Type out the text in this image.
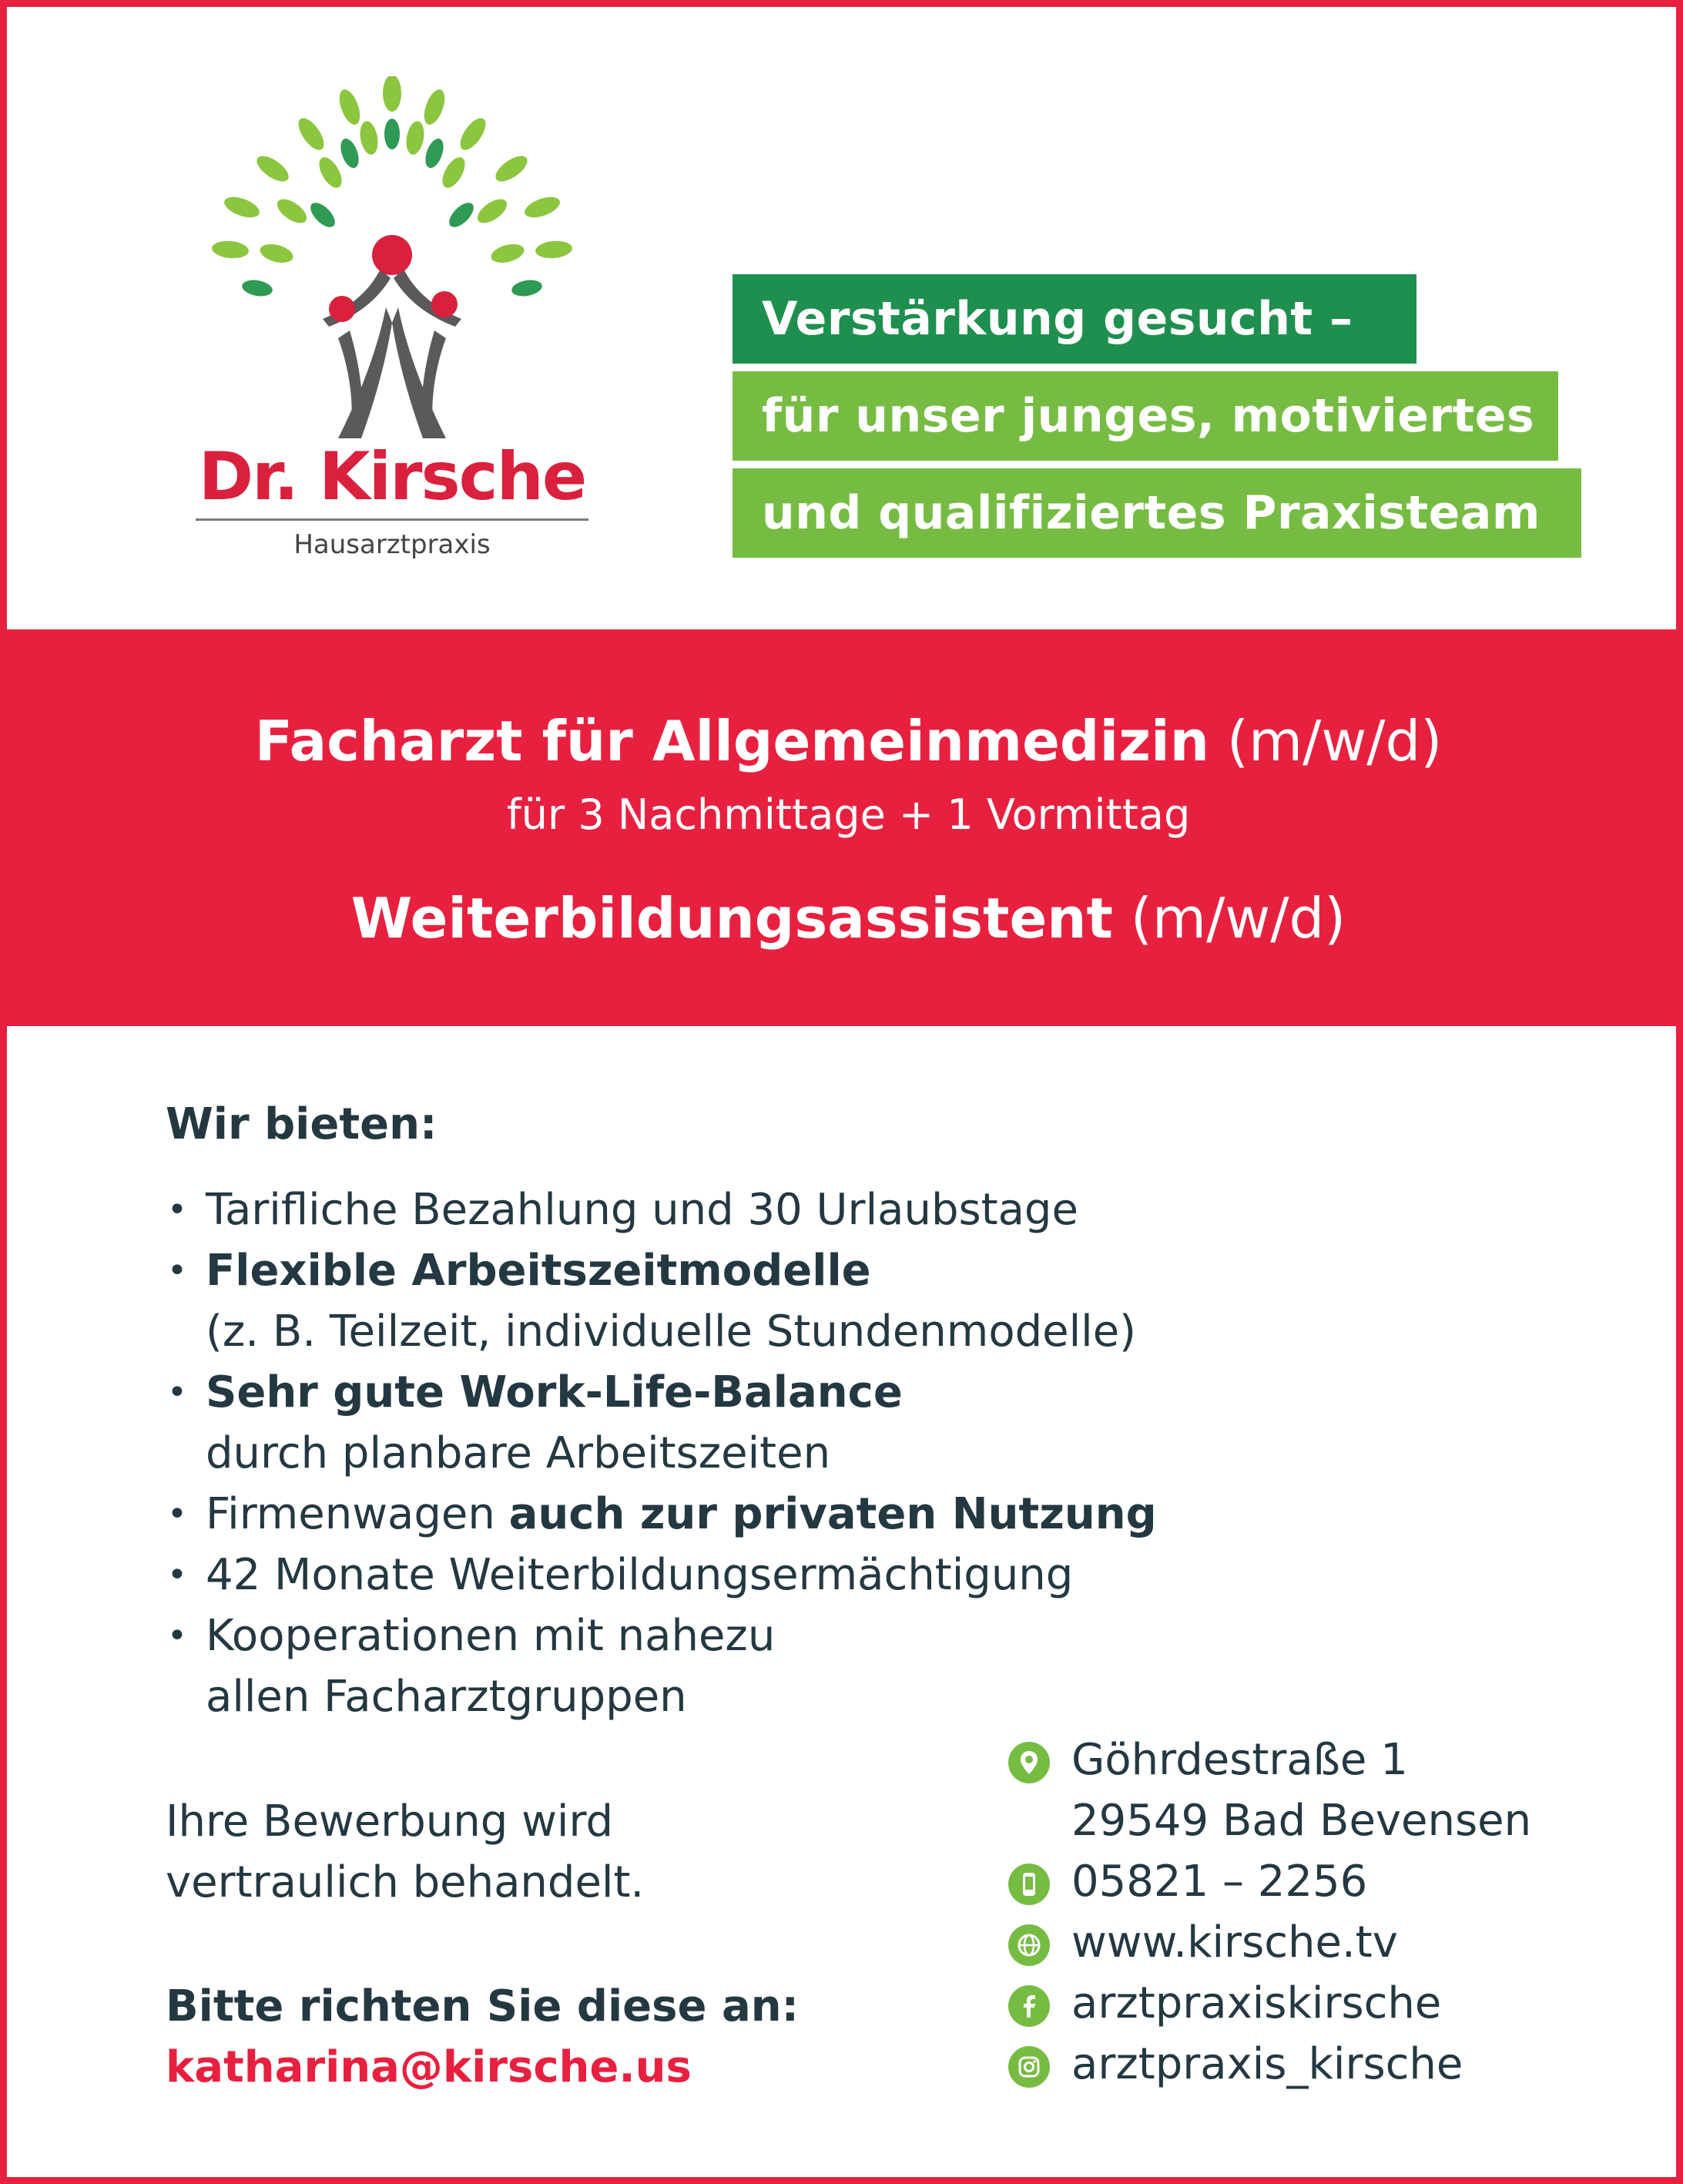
Dr. Kirsche
Hausarztpraxis
Verstärkung gesucht –
für unser junges, motiviertes
und qualifiziertes Praxisteam
Facharzt für Allgemeinmedizin (m/w/d)
für 3 Nachmittage + 1 Vormittag
Weiterbildungsassistent (m/w/d)
Wir bieten:
• Tarifliche Bezahlung und 30 Urlaubstage
• Flexible Arbeitszeitmodelle
(z. B. Teilzeit, individuelle Stundenmodelle)
• Sehr gute Work-Life-Balance
durch planbare Arbeitszeiten
• Firmenwagen auch zur privaten Nutzung
• 42 Monate Weiterbildungsermächtigung
• Kooperationen mit nahezu
allen Facharztgruppen
Ihre Bewerbung wird
vertraulich behandelt.
Bitte richten Sie diese an:
katharina@kirsche.us
Göhrdestraße 1
29549 Bad Bevensen
05821 – 2256
www.kirsche.tv
arztpraxiskirsche
arztpraxis_kirsche
